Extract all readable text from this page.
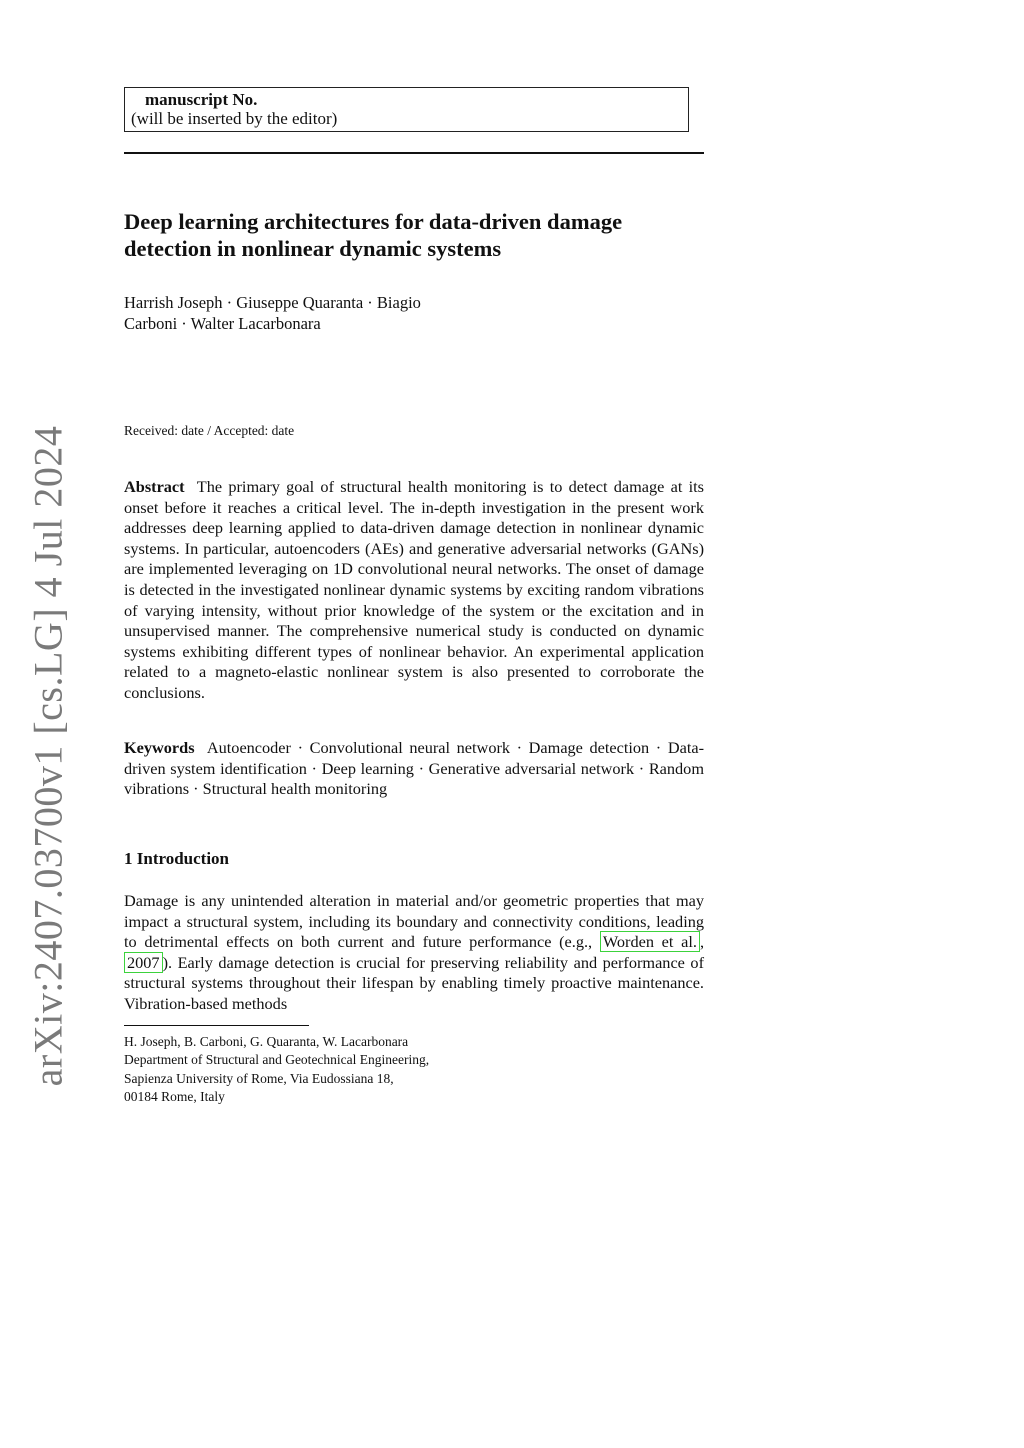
arXiv:2407.03700v1 [cs.LG] 4 Jul 2024
manuscript No.
(will be inserted by the editor)
Deep learning architectures for data-driven damage detection in nonlinear dynamic systems
Harrish Joseph · Giuseppe Quaranta · Biagio
Carboni · Walter Lacarbonara
Received: date / Accepted: date
Abstract The primary goal of structural health monitoring is to detect damage at its onset before it reaches a critical level. The in-depth investigation in the present work addresses deep learning applied to data-driven damage detection in nonlinear dynamic systems. In particular, autoencoders (AEs) and generative adversarial networks (GANs) are implemented leveraging on 1D convolutional neural networks. The onset of damage is detected in the investigated nonlinear dynamic systems by exciting random vibrations of varying intensity, without prior knowledge of the system or the excitation and in unsupervised manner. The comprehensive numerical study is conducted on dynamic systems exhibiting different types of nonlinear behavior. An experimental application related to a magneto-elastic nonlinear system is also presented to corroborate the conclusions.
Keywords Autoencoder · Convolutional neural network · Damage detection · Data-driven system identification · Deep learning · Generative adversarial network · Random vibrations · Structural health monitoring
1 Introduction
Damage is any unintended alteration in material and/or geometric properties that may impact a structural system, including its boundary and connectivity conditions, leading to detrimental effects on both current and future performance (e.g., Worden et al. , 2007 ). Early damage detection is crucial for preserving reliability and performance of structural systems throughout their lifespan by enabling timely proactive maintenance. Vibration-based methods
H. Joseph, B. Carboni, G. Quaranta, W. Lacarbonara
Department of Structural and Geotechnical Engineering,
Sapienza University of Rome, Via Eudossiana 18,
00184 Rome, Italy
